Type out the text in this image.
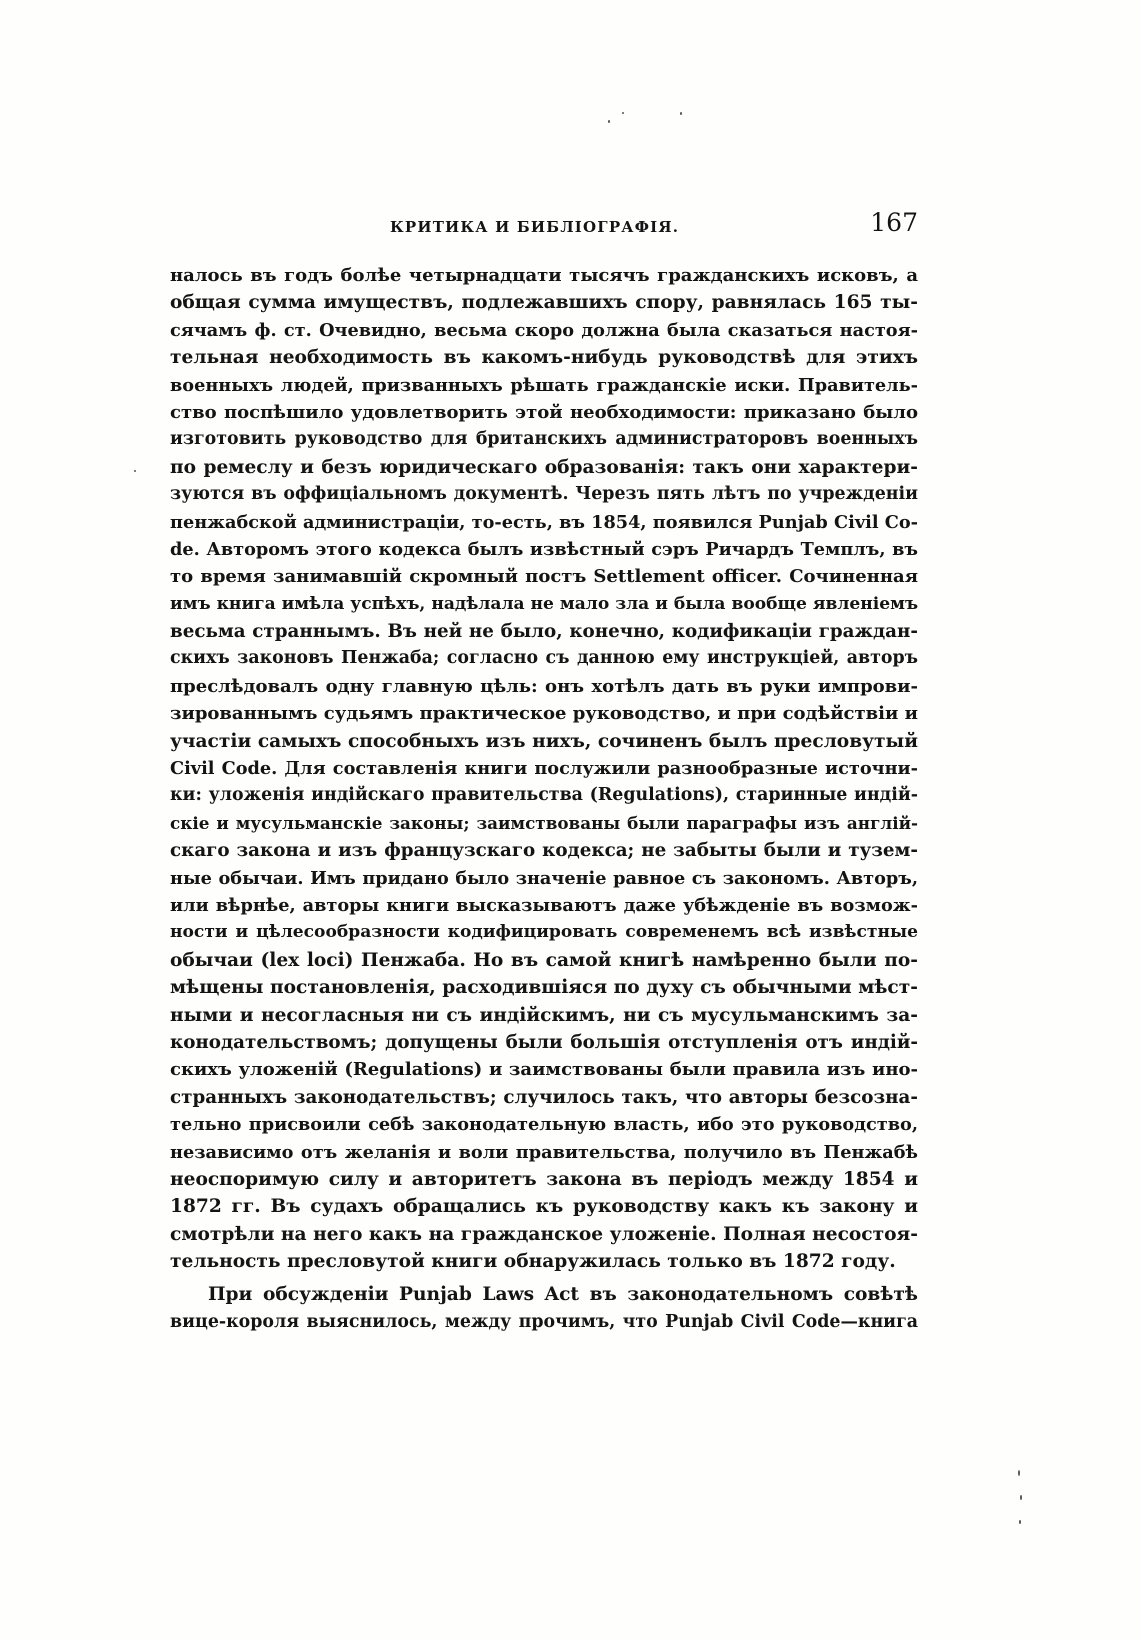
КРИТИКА И БИБЛІОГРАФІЯ.	167
налось въ годъ болѣе четырнадцати тысячъ гражданскихъ исковъ, а
общая сумма имуществъ, подлежавшихъ спору, равнялась 165 ты-
сячамъ ф. ст. Очевидно, весьма скоро должна была сказаться настоя-
тельная необходимость въ какомъ-нибудь руководствѣ для этихъ
военныхъ людей, призванныхъ рѣшать гражданскіе иски. Правитель-
ство поспѣшило удовлетворить этой необходимости: приказано было
изготовить руководство для британскихъ администраторовъ военныхъ
по ремеслу и безъ юридическаго образованія: такъ они характери-
зуются въ оффиціальномъ документѣ. Черезъ пять лѣтъ по учрежденіи
пенжабской администраціи, то-есть, въ 1854, появился Punjab Civil Co-
de. Авторомъ этого кодекса былъ извѣстный сэръ Ричардъ Темплъ, въ
то время занимавшій скромный постъ Settlement officer. Сочиненная
имъ книга имѣла успѣхъ, надѣлала не мало зла и была вообще явленіемъ
весьма страннымъ. Въ ней не было, конечно, кодификаціи граждан-
скихъ законовъ Пенжаба; согласно съ данною ему инструкціей, авторъ
преслѣдовалъ одну главную цѣль: онъ хотѣлъ дать въ руки импрови-
зированнымъ судьямъ практическое руководство, и при содѣйствіи и
участіи самыхъ способныхъ изъ нихъ, сочиненъ былъ пресловутый
Civil Code. Для составленія книги послужили разнообразные источни-
ки: уложенія индійскаго правительства (Regulations), старинные индій-
скіе и мусульманскіе законы; заимствованы были параграфы изъ англій-
скаго закона и изъ французскаго кодекса; не забыты были и тузем-
ные обычаи. Имъ придано было значеніе равное съ закономъ. Авторъ,
или вѣрнѣе, авторы книги высказываютъ даже убѣжденіе въ возмож-
ности и цѣлесообразности кодифицировать современемъ всѣ извѣстные
обычаи (lex loci) Пенжаба. Но въ самой книгѣ намѣренно были по-
мѣщены постановленія, расходившіяся по духу съ обычными мѣст-
ными и несогласныя ни съ индійскимъ, ни съ мусульманскимъ за-
конодательствомъ; допущены были большія отступленія отъ индій-
скихъ уложеній (Regulations) и заимствованы были правила изъ ино-
странныхъ законодательствъ; случилось такъ, что авторы безсозна-
тельно присвоили себѣ законодательную власть, ибо это руководство,
независимо отъ желанія и воли правительства, получило въ Пенжабѣ
неоспоримую силу и авторитетъ закона въ періодъ между 1854 и
1872 гг. Въ судахъ обращались къ руководству какъ къ закону и
смотрѣли на него какъ на гражданское уложеніе. Полная несостоя-
тельность пресловутой книги обнаружилась только въ 1872 году.
При обсужденіи Punjab Laws Act въ законодательномъ совѣтѣ
вице-короля выяснилось, между прочимъ, что Punjab Civil Code—книга
